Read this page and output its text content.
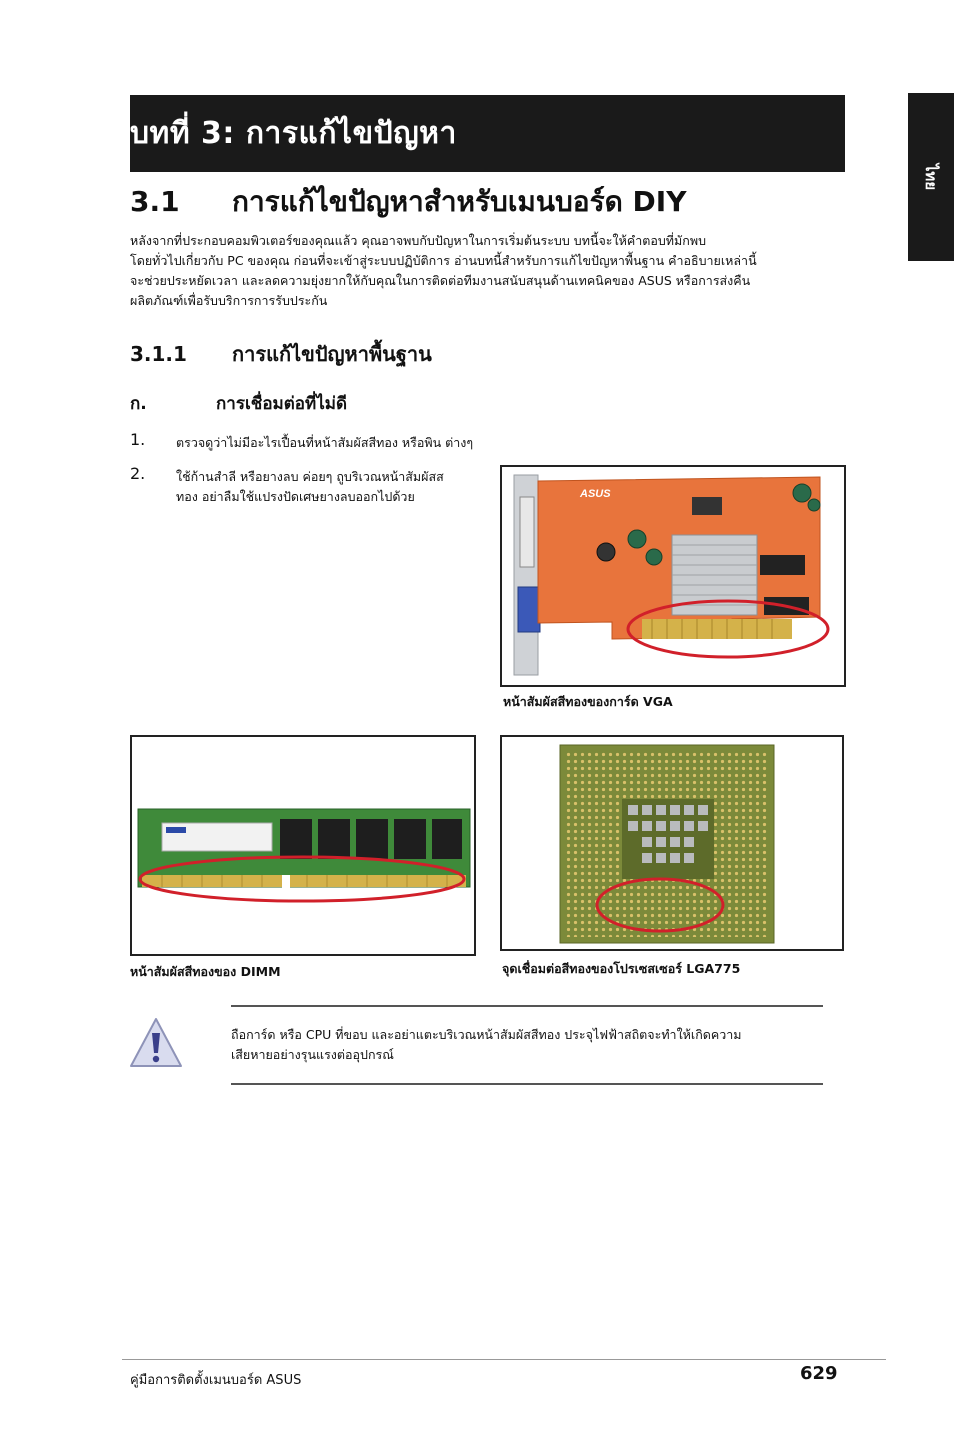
บทที่ 3: การแก้ไขปัญหา
ไทย
3.1 การแก้ไขปัญหาสำหรับเมนบอร์ด DIY
หลังจากที่ประกอบคอมพิวเตอร์ของคุณแล้ว คุณอาจพบกับปัญหาในการเริ่มต้นระบบ บทนี้จะให้คำตอบที่มักพบ
โดยทั่วไปเกี่ยวกับ PC ของคุณ ก่อนที่จะเข้าสู่ระบบปฏิบัติการ อ่านบทนี้สำหรับการแก้ไขปัญหาพื้นฐาน คำอธิบายเหล่านี้
จะช่วยประหยัดเวลา และลดความยุ่งยากให้กับคุณในการติดต่อทีมงานสนับสนุนด้านเทคนิคของ ASUS หรือการส่งคืน
ผลิตภัณฑ์เพื่อรับบริการการรับประกัน
3.1.1 การแก้ไขปัญหาพื้นฐาน
ก.	การเชื่อมต่อที่ไม่ดี
1. ตรวจดูว่าไม่มีอะไรเปื้อนที่หน้าสัมผัสสีทอง หรือพิน ต่างๆ
2. ใช้ก้านสำลี หรือยางลบ ค่อยๆ ถูบริเวณหน้าสัมผัสส
ทอง อย่าลืมใช้แปรงปัดเศษยางลบออกไปด้วย	ASUS
หน้าสัมผัสสีทองของการ์ด VGA
หน้าสัมผัสสีทองของ DIMM	จุดเชื่อมต่อสีทองของโปรเซสเซอร์ LGA775
ถือการ์ด หรือ CPU ที่ขอบ และอย่าแตะบริเวณหน้าสัมผัสสีทอง ประจุไฟฟ้าสถิตจะทำให้เกิดความ
เสียหายอย่างรุนแรงต่ออุปกรณ์
คู่มือการติดตั้งเมนบอร์ด ASUS	629
